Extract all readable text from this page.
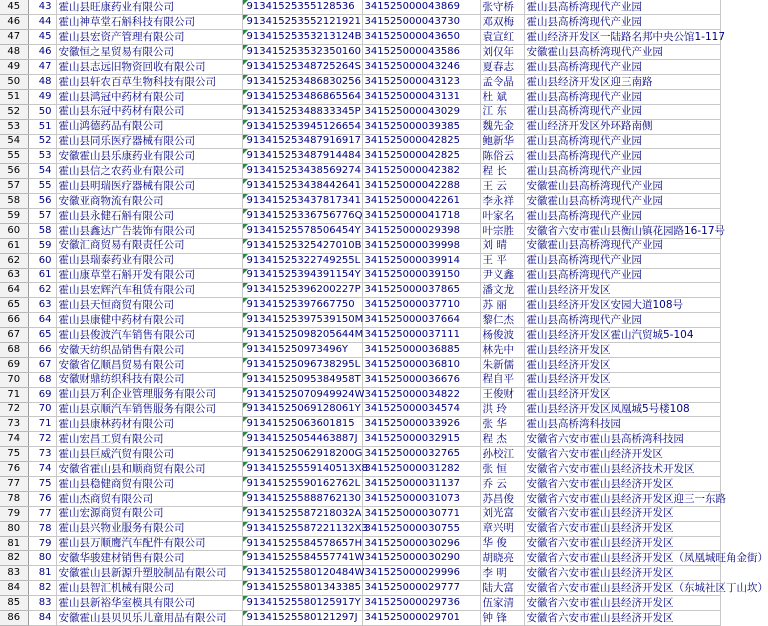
45	43	霍山县旺康药业有限公司	91341525355128536	341525000043869	张守桥	霍山县高桥湾现代产业园
46	44	霍山神草堂石斛科技有限公司	913415253552121921	341525000043730	邓双梅	霍山县高桥湾现代产业园
47	45	霍山县宏资产管理有限公司	91341525353213124B	341525000043650	袁宣红	霍山经济开发区一陆路名邦中央公馆1-117
48	46	安徽恒之星贸易有限公司	913415253532350160	341525000043586	刘仅年	安徽霍山县高桥湾现代产业园
49	47	霍山县志远旧物资回收有限公司	91341525348725264S	341525000043246	夏春志	霍山县高桥湾现代产业园
50	48	霍山县轩农百草生物科技有限公司	913415253486830256	341525000043123	孟令晶	霍山县经济开发区迎三南路
51	49	霍山县鸿冠中药材有限公司	913415253486865564	341525000043131	杜 斌	霍山县高桥湾现代产业园
52	50	霍山县东冠中药材有限公司	91341525348833345P	341525000043029	江 东	霍山县高桥湾现代产业园
53	51	霍山鸿德药品有限公司	913415253945126654	341525000039385	魏先金	霍山经济开发区外环路南侧
54	52	霍山县同乐医疗器械有限公司	913415253487916917	341525000042825	鲍新华	霍山县高桥湾现代产业园
55	53	安徽霍山县乐康药业有限公司	913415253487914484	341525000042825	陈俗云	霍山县高桥湾现代产业园
56	54	霍山县信之农药业有限公司	913415253438569274	341525000042382	程 长	霍山县高桥湾现代产业园
57	55	霍山县明瑞医疗器械有限公司	913415253438442641	341525000042288	王 云	安徽霍山县高桥湾现代产业园
58	56	安徽亚商物流有限公司	913415253437817341	341525000042261	李永祥	安徽霍山县高桥湾现代产业园
59	57	霍山县永健石斛有限公司	91341525336756776Q	341525000041718	叶家名	霍山县高桥湾现代产业园
60	58	霍山县鑫达广告装饰有限公司	91341525578506454Y	341525000029398	叶宗胜	安徽省六安市霍山县衡山镇花园路16-17号
61	59	安徽汇商贸易有限责任公司	91341525325427010B	341525000039998	刘 晴	安徽霍山县高桥湾现代产业园
62	60	霍山县瑞泰药业有限公司	91341525322749255L	341525000039914	王 平	霍山县高桥湾现代产业园
63	61	霍山康草堂石斛开发有限公司	91341525394391154Y	341525000039150	尹义鑫	霍山县高桥湾现代产业园
64	62	霍山县宏辉汽车租赁有限公司	91341525396200227P	341525000037865	潘文龙	霍山县经济开发区
65	63	霍山县天恒商贸有限公司	91341525397667750	341525000037710	苏 丽	霍山县经济开发区安园大道108号
66	64	霍山县康健中药材有限公司	91341525397539150M	341525000037664	黎仁杰	霍山县高桥湾现代产业园
67	65	霍山县俊波汽车销售有限公司	91341525098205644M	341525000037111	杨俊波	霍山县经济开发区霍山汽贸城5-104
68	66	安徽天纺织品销售有限公司	913415250973496Y	341525000036885	林先中	霍山县经济开发区
69	67	安徽省亿顺昌贸易有限公司	91341525096738295L	341525000036810	朱新儒	霍山县经济开发区
70	68	安徽财鼎纺织科技有限公司	91341525095384958T	341525000036676	程自平	霍山县经济开发区
71	69	霍山县万利企业管理服务有限公司	91341525070949924W	341525000034822	王俊财	霍山县经济开发区
72	70	霍山县京顺汽车销售服务有限公司	91341525069128061Y	341525000034574	洪 玲	霍山县经济开发区凤凰城5号楼108
73	71	霍山县康林药材有限公司	91341525063601815	341525000033926	张 华	霍山县高桥湾科技园
74	72	霍山宏昌工贸有限公司	91341525054463887J	341525000032915	程 杰	安徽省六安市霍山县高桥湾科技园
75	73	霍山县巨威汽贸有限公司	91341525062918200G	341525000032765	孙校江	安徽省六安市霍山经济开发区
76	74	安徽省霍山县和顺商贸有限公司	91341525559140513X8	341525000031282	张 恒	安徽省六安市霍山县经济技术开发区
77	75	霍山县稳健商贸有限公司	91341525590162762L	341525000031137	乔 云	安徽省六安市霍山县经济开发区
78	76	霍山杰商贸有限公司	913415255888762130	341525000031073	苏昌俊	安徽省六安市霍山县经济开发区迎三一东路
79	77	霍山宏源商贸有限公司	91341525587218032A	341525000030771	刘光富	安徽省六安市霍山县经济开发区
80	78	霍山县兴物业服务有限公司	91341525587221132X3	341525000030755	章兴明	安徽省六安市霍山县经济开发区
81	79	霍山县万顺鹰汽车配件有限公司	91341525584578657H	341525000030296	华 俊	安徽省六安市霍山县经济开发区
82	80	安徽华骏建材销售有限公司	91341525584557741W	341525000030290	胡晓亮	安徽省六安市霍山县经济开发区（凤凰城旺角金街）
83	81	安徽霍山县新源升塑胶制品有限公司	91341525580120484W	341525000029996	李 明	安徽省六安市霍山县经济开发区
84	82	霍山县智汇机械有限公司	913415255801343385	341525000029777	陆大富	安徽省六安市霍山县经济开发区（东城社区丁山坎）
85	83	霍山县新裕华室模具有限公司	91341525580125917Y	341525000029736	伍家清	安徽省六安市霍山县经济开发区
86	84	安徽霍山县贝贝乐儿童用品有限公司	91341525580121297J	341525000029701	钟 锋	安徽省六安市霍山县经济开发区
